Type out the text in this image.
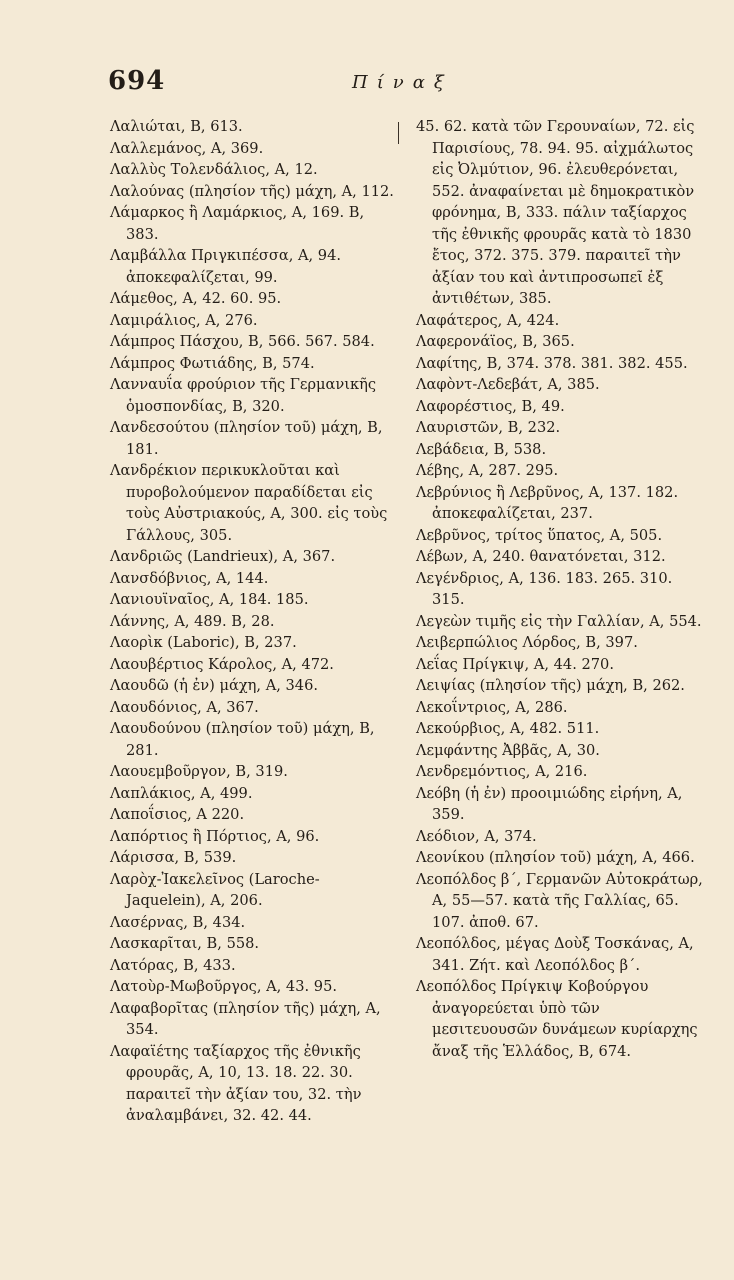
694	Πίναξ

Λαλιώται, Β, 613.

Λαλλεμάνος, Α, 369.

Λαλλὺς Τολενδάλιος, Α, 12.

Λαλούνας (πλησίον τῆς) μάχη, Α, 112.

Λάμαρκος ἢ Λαμάρκιος, Α, 169. Β, 383.

Λαμβάλλα Πριγκιπέσσα, Α, 94. ἀποκεφαλίζεται, 99.

Λάμεθος, Α, 42. 60. 95.

Λαμιράλιος, Α, 276.

Λάμπρος Πάσχου, Β, 566. 567. 584.

Λάμπρος Φωτιάδης, Β, 574.

Λανναυΐα φρούριον τῆς Γερμανικῆς ὁμοσπονδίας, Β, 320.

Λανδεσούτου (πλησίον τοῦ) μάχη, Β, 181.

Λανδρέκιον περικυκλοῦται καὶ πυροβολούμενον παραδίδεται εἰς τοὺς Αὐστριακούς, Α, 300. εἰς τοὺς Γάλλους, 305.

Λανδριῶς (Landrieux), Α, 367.

Λανσδόβνιος, Α, 144.

Λανιουϊναῖος, Α, 184. 185.

Λάννης, Α, 489. Β, 28.

Λαορὶκ (Laboric), Β, 237.

Λαουβέρτιος Κάρολος, Α, 472.

Λαουδῶ (ἡ ἐν) μάχη, Α, 346.

Λαουδόνιος, Α, 367.

Λαουδούνου (πλησίον τοῦ) μάχη, Β, 281.

Λαουεμβοῦργον, Β, 319.

Λαπλάκιος, Α, 499.

Λαποΐσιος, Α 220.

Λαπόρτιος ἢ Πόρτιος, Α, 96.

Λάρισσα, Β, 539.

Λαρὸχ-Ἰακελεῖνος (Laroche-Jaquelein), Α, 206.

Λασέρνας, Β, 434.

Λασκαρῖται, Β, 558.

Λατόρας, Β, 433.

Λατοὺρ-Μωβοῦργος, Α, 43. 95.

Λαφαβορῖτας (πλησίον τῆς) μάχη, Α, 354.

Λαφαϊέτης ταξίαρχος τῆς ἐθνικῆς φρουρᾶς, Α, 10, 13. 18. 22. 30. παραιτεῖ τὴν ἀξίαν του, 32. τὴν ἀναλαμβάνει, 32. 42. 44.

45. 62. κατὰ τῶν Γερουναίων, 72. εἰς Παρισίους, 78. 94. 95. αἰχμάλωτος εἰς Ὀλμύτιον, 96. ἐλευθερόνεται, 552. ἀναφαίνεται μὲ δημοκρατικὸν φρόνημα, Β, 333. πάλιν ταξίαρχος τῆς ἐθνικῆς φρουρᾶς κατὰ τὸ 1830 ἔτος, 372. 375. 379. παραιτεῖ τὴν ἀξίαν του καὶ ἀντιπροσωπεῖ ἐξ ἀντιθέτων, 385.

Λαφάτερος, Α, 424.

Λαφερονάϊος, Β, 365.

Λαφίτης, Β, 374. 378. 381. 382. 455.

Λαφὸντ-Λεδεβάτ, Α, 385.

Λαφορέστιος, Β, 49.

Λαυριστῶν, Β, 232.

Λεβάδεια, Β, 538.

Λέβης, Α, 287. 295.

Λεβρύνιος ἢ Λεβρῦνος, Α, 137. 182. ἀποκεφαλίζεται, 237.

Λεβρῦνος, τρίτος ὕπατος, Α, 505.

Λέβων, Α, 240. θανατόνεται, 312.

Λεγένδριος, Α, 136. 183. 265. 310. 315.

Λεγεὼν τιμῆς εἰς τὴν Γαλλίαν, Α, 554.

Λειβερπώλιος Λόρδος, Β, 397.

Λεΐας Πρίγκιψ, Α, 44. 270.

Λειψίας (πλησίον τῆς) μάχη, Β, 262.

Λεκοΐντριος, Α, 286.

Λεκούρβιος, Α, 482. 511.

Λεμφάντης Ἀββᾶς, Α, 30.

Λενδρεμόντιος, Α, 216.

Λεόβη (ἡ ἐν) προοιμιώδης εἰρήνη, Α, 359.

Λεόδιον, Α, 374.

Λεονίκου (πλησίον τοῦ) μάχη, Α, 466.

Λεοπόλδος β΄, Γερμανῶν Αὐτοκράτωρ, Α, 55—57. κατὰ τῆς Γαλλίας, 65. 107. ἀποθ. 67.

Λεοπόλδος, μέγας Δοὺξ Τοσκάνας, Α, 341. Ζήτ. καὶ Λεοπόλδος β΄.

Λεοπόλδος Πρίγκιψ Κοβούργου ἀναγορεύεται ὑπὸ τῶν μεσιτευουσῶν δυνάμεων κυρίαρχης ἄναξ τῆς Ἑλλάδος, Β, 674.
